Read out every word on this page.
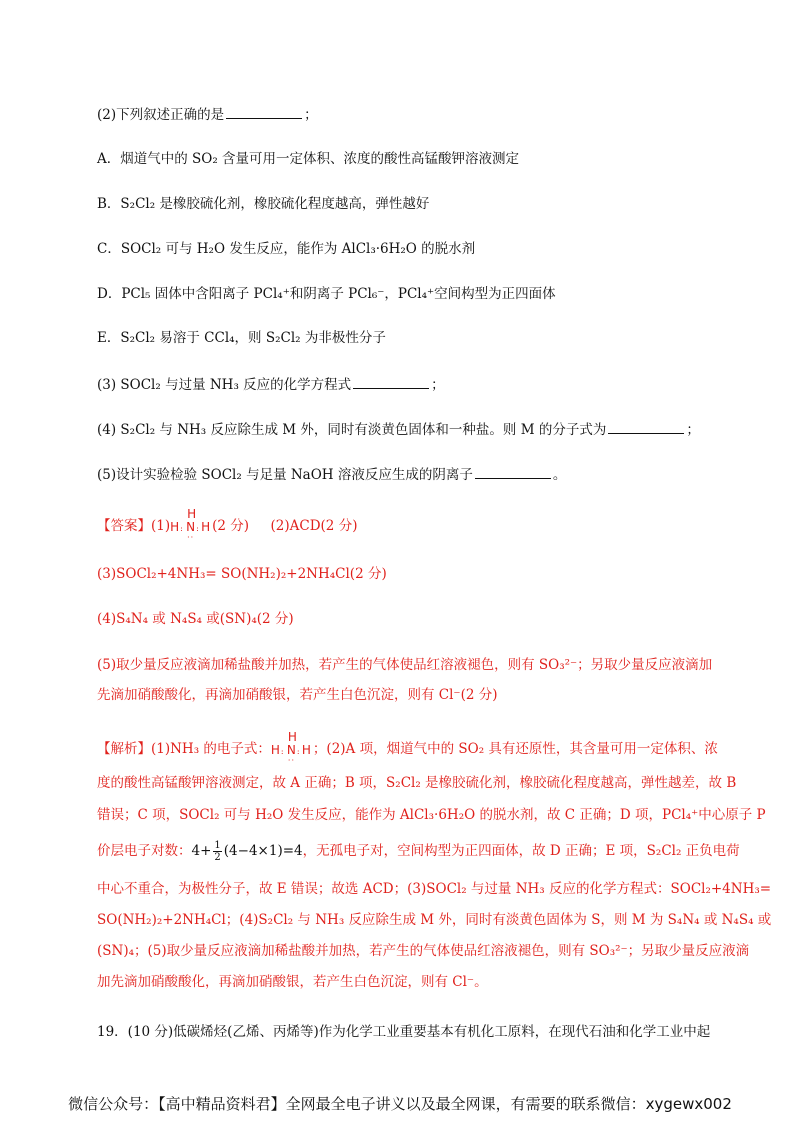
(2)下列叙述正确的是	；
A．烟道气中的 SO₂ 含量可用一定体积、浓度的酸性高锰酸钾溶液测定
B．S₂Cl₂ 是橡胶硫化剂，橡胶硫化程度越高，弹性越好
C．SOCl₂ 可与 H₂O 发生反应，能作为 AlCl₃·6H₂O 的脱水剂
D．PCl₅ 固体中含阳离子 PCl₄⁺和阴离子 PCl₆⁻，PCl₄⁺空间构型为正四面体
E．S₂Cl₂ 易溶于 CCl₄，则 S₂Cl₂ 为非极性分子
(3) SOCl₂ 与过量 NH₃ 反应的化学方程式	；
(4) S₂Cl₂ 与 NH₃ 反应除生成 M 外，同时有淡黄色固体和一种盐。则 M 的分子式为	；
(5)设计实验检验 SOCl₂ 与足量 NaOH 溶液反应生成的阴离子	。
【答案】(1)
H
H : N : H
··
(2 分) (2)ACD(2 分)
(3)SOCl₂+4NH₃= SO(NH₂)₂+2NH₄Cl(2 分)
(4)S₄N₄ 或 N₄S₄ 或(SN)₄(2 分)
(5)取少量反应液滴加稀盐酸并加热，若产生的气体使品红溶液褪色，则有 SO₃²⁻；另取少量反应液滴加
先滴加硝酸酸化，再滴加硝酸银，若产生白色沉淀，则有 Cl⁻(2 分)
【解析】(1)NH₃ 的电子式：
H
H : N : H
··
；(2)A 项，烟道气中的 SO₂ 具有还原性，其含量可用一定体积、浓
度的酸性高锰酸钾溶液测定，故 A 正确；B 项，S₂Cl₂ 是橡胶硫化剂，橡胶硫化程度越高，弹性越差，故 B
错误；C 项，SOCl₂ 可与 H₂O 发生反应，能作为 AlCl₃·6H₂O 的脱水剂，故 C 正确；D 项，PCl₄⁺中心原子 P
价层电子对数：$4+ \frac{1}{2} (4-4\times 1)=4$，无孤电子对，空间构型为正四面体，故 D 正确；E 项，S₂Cl₂ 正负电荷
中心不重合，为极性分子，故 E 错误；故选 ACD；(3)SOCl₂ 与过量 NH₃ 反应的化学方程式：SOCl₂+4NH₃=
SO(NH₂)₂+2NH₄Cl；(4)S₂Cl₂ 与 NH₃ 反应除生成 M 外，同时有淡黄色固体为 S，则 M 为 S₄N₄ 或 N₄S₄ 或
(SN)₄；(5)取少量反应液滴加稀盐酸并加热，若产生的气体使品红溶液褪色，则有 SO₃²⁻；另取少量反应液滴
加先滴加硝酸酸化，再滴加硝酸银，若产生白色沉淀，则有 Cl⁻。
19．(10 分)低碳烯烃(乙烯、丙烯等)作为化学工业重要基本有机化工原料，在现代石油和化学工业中起
微信公众号：【高中精品资料君】全网最全电子讲义以及最全网课，有需要的联系微信：xygewx002
